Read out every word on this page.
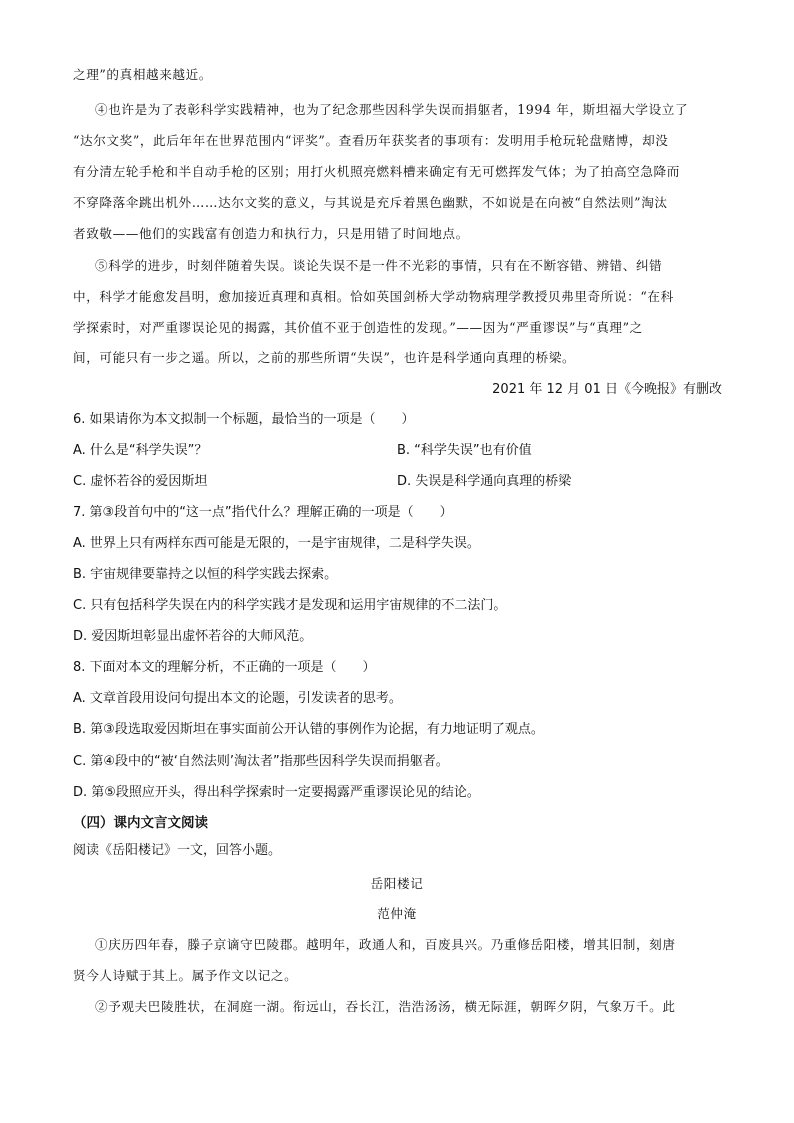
之理”的真相越来越近。
④也许是为了表彰科学实践精神，也为了纪念那些因科学失误而捐躯者，1994 年，斯坦福大学设立了
“达尔文奖”，此后年年在世界范围内“评奖”。查看历年获奖者的事项有：发明用手枪玩轮盘赌博，却没
有分清左轮手枪和半自动手枪的区别；用打火机照亮燃料槽来确定有无可燃挥发气体；为了拍高空急降而
不穿降落伞跳出机外……达尔文奖的意义，与其说是充斥着黑色幽默，不如说是在向被“自然法则”淘汰
者致敬——他们的实践富有创造力和执行力，只是用错了时间地点。
⑤科学的进步，时刻伴随着失误。谈论失误不是一件不光彩的事情，只有在不断容错、辨错、纠错
中，科学才能愈发昌明，愈加接近真理和真相。恰如英国剑桥大学动物病理学教授贝弗里奇所说：“在科
学探索时，对严重谬误论见的揭露，其价值不亚于创造性的发现。”——因为“严重谬误”与“真理”之
间，可能只有一步之遥。所以，之前的那些所谓“失误”，也许是科学通向真理的桥梁。
2021 年 12 月 01 日《今晚报》有删改
6. 如果请你为本文拟制一个标题，最恰当的一项是（　　）
A. 什么是“科学失误”？	B. “科学失误”也有价值
C. 虚怀若谷的爱因斯坦	D. 失误是科学通向真理的桥梁
7. 第③段首句中的“这一点”指代什么？理解正确的一项是（　　）
A. 世界上只有两样东西可能是无限的，一是宇宙规律，二是科学失误。
B. 宇宙规律要靠持之以恒的科学实践去探索。
C. 只有包括科学失误在内的科学实践才是发现和运用宇宙规律的不二法门。
D. 爱因斯坦彰显出虚怀若谷的大师风范。
8. 下面对本文的理解分析，不正确的一项是（　　）
A. 文章首段用设问句提出本文的论题，引发读者的思考。
B. 第③段选取爱因斯坦在事实面前公开认错的事例作为论据，有力地证明了观点。
C. 第④段中的“被‘自然法则’淘汰者”指那些因科学失误而捐躯者。
D. 第⑤段照应开头，得出科学探索时一定要揭露严重谬误论见的结论。
（四）课内文言文阅读
阅读《岳阳楼记》一文，回答小题。
岳阳楼记
范仲淹
①庆历四年春，滕子京谪守巴陵郡。越明年，政通人和，百废具兴。乃重修岳阳楼，增其旧制，刻唐
贤今人诗赋于其上。属予作文以记之。
②予观夫巴陵胜状，在洞庭一湖。衔远山，吞长江，浩浩汤汤，横无际涯，朝晖夕阴，气象万千。此
